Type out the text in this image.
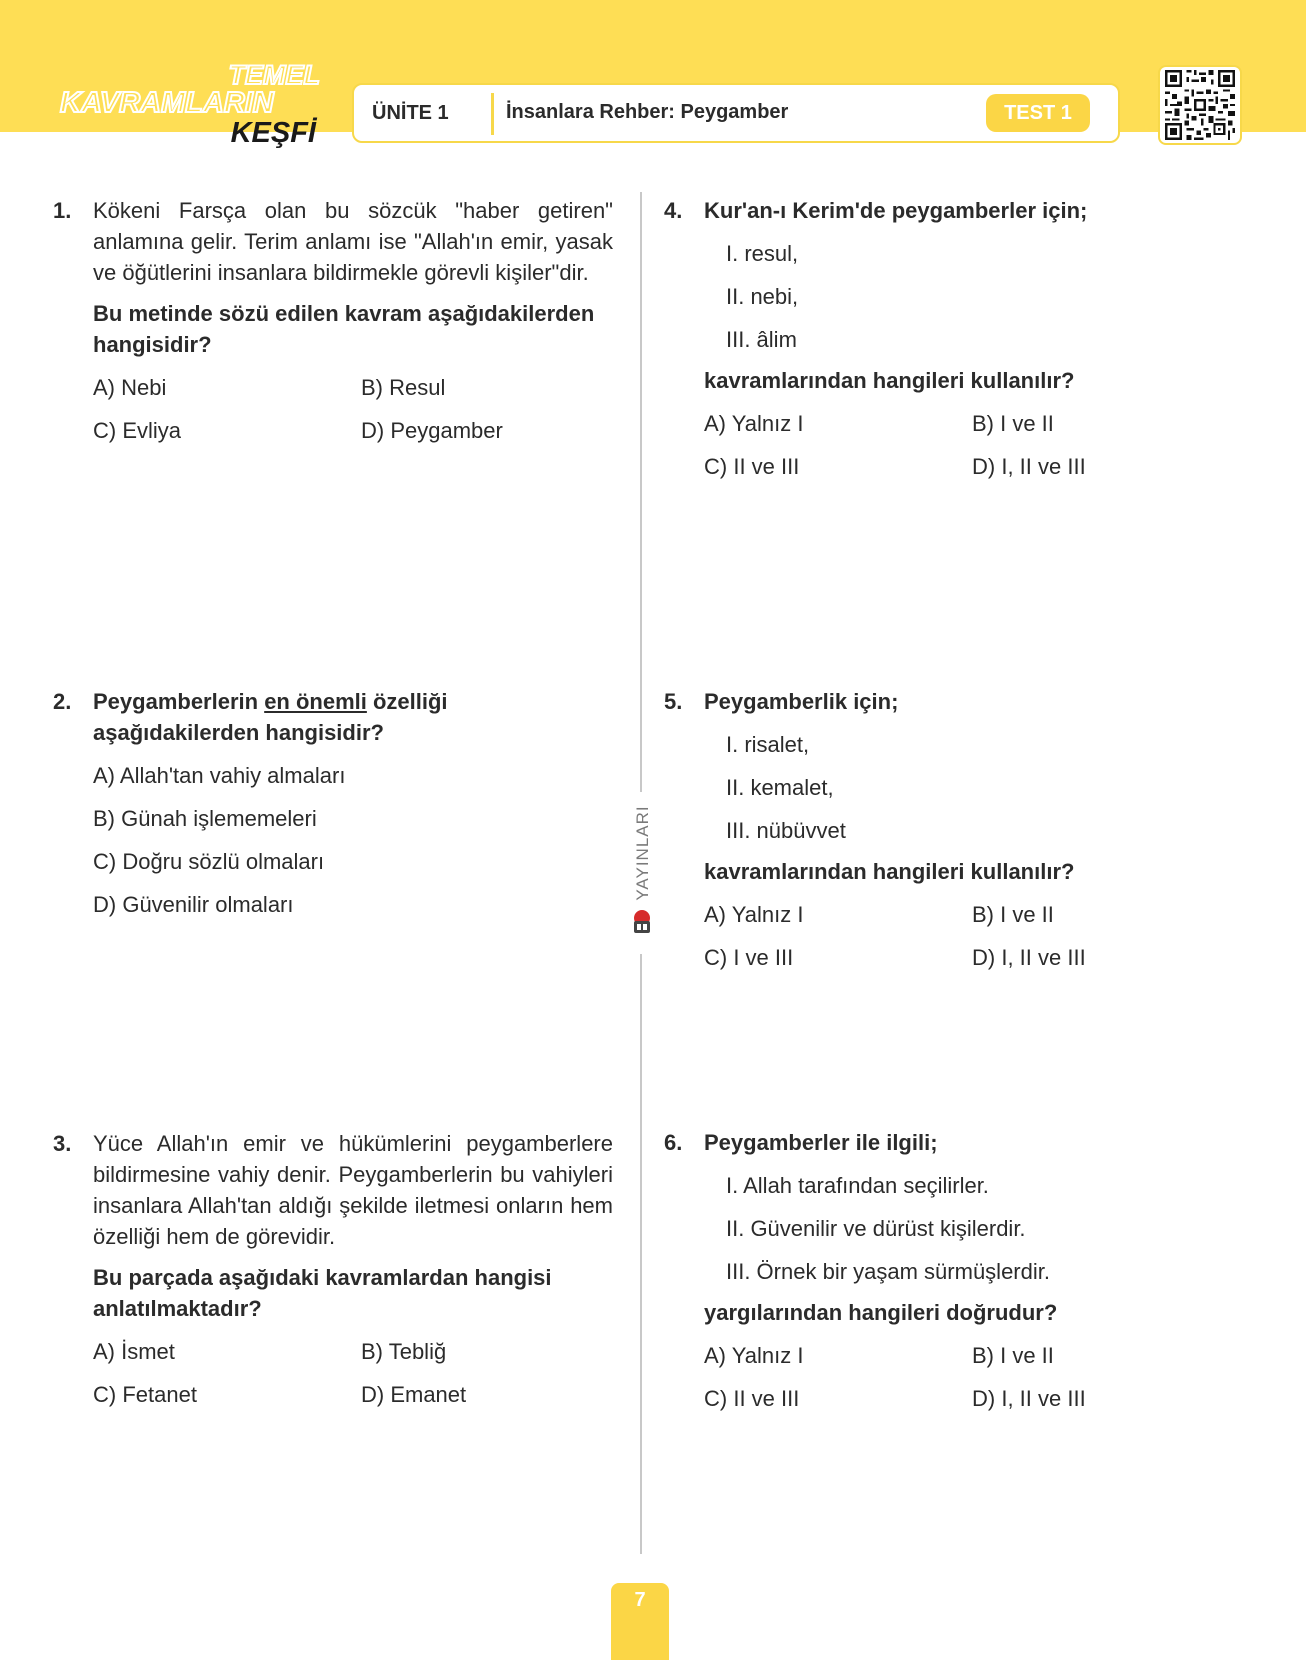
TEMEL
KAVRAMLARIN
KEŞFİ
ÜNİTE 1	İnsanlara Rehber: Peygamber	TEST 1
YAYINLARI
1. Kökeni Farsça olan bu sözcük "haber getiren" anlamına gelir. Terim anlamı ise "Allah'ın emir, yasak ve öğütlerini insanlara bildirmekle görevli kişiler"dir.

Bu metinde sözü edilen kavram aşağıdakilerden hangisidir?

A) Nebi	B) Resul
C) Evliya	D) Peygamber
2. Peygamberlerin en önemli özelliği aşağıdakilerden hangisidir?

A) Allah'tan vahiy almaları
B) Günah işlememeleri
C) Doğru sözlü olmaları
D) Güvenilir olmaları
3. Yüce Allah'ın emir ve hükümlerini peygamberlere bildirmesine vahiy denir. Peygamberlerin bu vahiyleri insanlara Allah'tan aldığı şekilde iletmesi onların hem özelliği hem de görevidir.

Bu parçada aşağıdaki kavramlardan hangisi anlatılmaktadır?

A) İsmet	B) Tebliğ
C) Fetanet	D) Emanet
4. Kur'an-ı Kerim'de peygamberler için;

I. resul,
II. nebi,
III. âlim

kavramlarından hangileri kullanılır?

A) Yalnız I	B) I ve II
C) II ve III	D) I, II ve III
5. Peygamberlik için;

I. risalet,
II. kemalet,
III. nübüvvet

kavramlarından hangileri kullanılır?

A) Yalnız I	B) I ve II
C) I ve III	D) I, II ve III
6. Peygamberler ile ilgili;

I. Allah tarafından seçilirler.
II. Güvenilir ve dürüst kişilerdir.
III. Örnek bir yaşam sürmüşlerdir.

yargılarından hangileri doğrudur?

A) Yalnız I	B) I ve II
C) II ve III	D) I, II ve III
7
